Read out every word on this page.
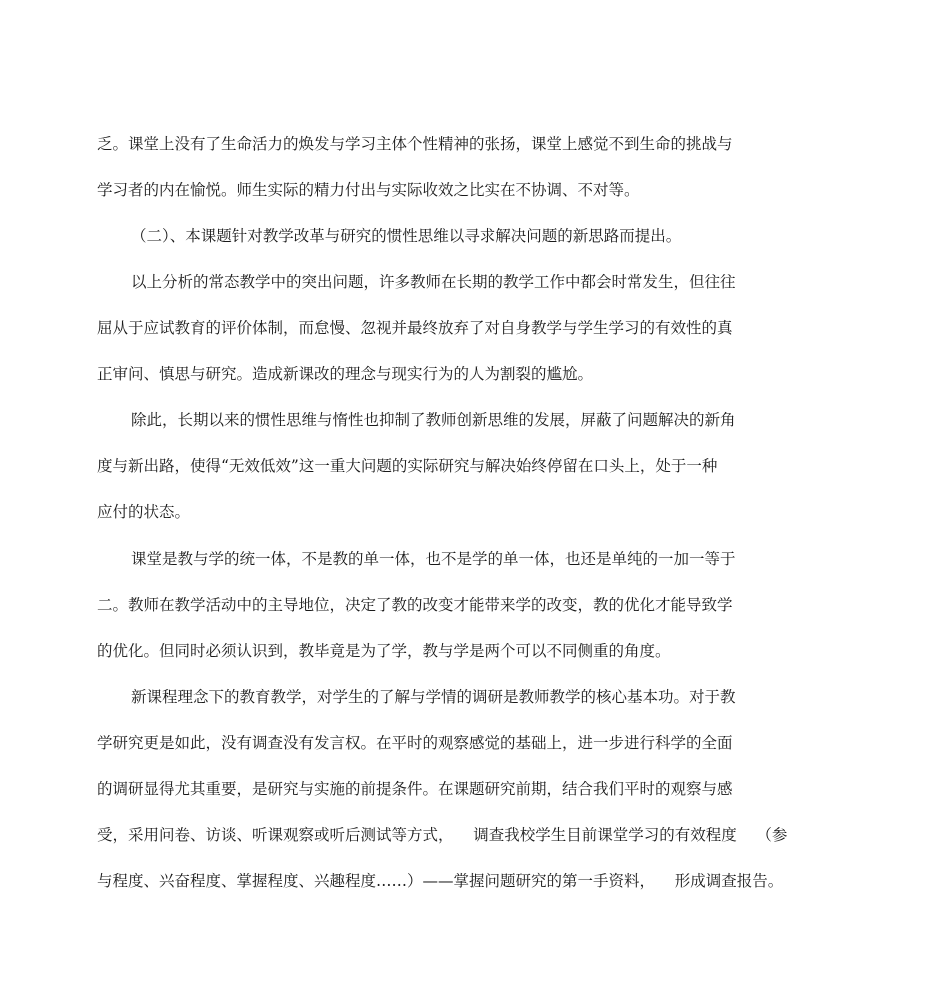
乏。课堂上没有了生命活力的焕发与学习主体个性精神的张扬，课堂上感觉不到生命的挑战与
学习者的内在愉悦。师生实际的精力付出与实际收效之比实在不协调、不对等。
（二）、本课题针对教学改革与研究的惯性思维以寻求解决问题的新思路而提出。
以上分析的常态教学中的突出问题，许多教师在长期的教学工作中都会时常发生，但往往
屈从于应试教育的评价体制，而怠慢、忽视并最终放弃了对自身教学与学生学习的有效性的真
正审问、慎思与研究。造成新课改的理念与现实行为的人为割裂的尴尬。
除此，长期以来的惯性思维与惰性也抑制了教师创新思维的发展，屏蔽了问题解决的新角
度与新出路，使得“无效低效”这一重大问题的实际研究与解决始终停留在口头上，处于一种
应付的状态。
课堂是教与学的统一体，不是教的单一体，也不是学的单一体，也还是单纯的一加一等于
二。教师在教学活动中的主导地位，决定了教的改变才能带来学的改变，教的优化才能导致学
的优化。但同时必须认识到，教毕竟是为了学，教与学是两个可以不同侧重的角度。
新课程理念下的教育教学，对学生的了解与学情的调研是教师教学的核心基本功。对于教
学研究更是如此，没有调查没有发言权。在平时的观察感觉的基础上，进一步进行科学的全面
的调研显得尤其重要，是研究与实施的前提条件。在课题研究前期，结合我们平时的观察与感
受，采用问卷、访谈、听课观察或听后测试等方式，    调查我校学生目前课堂学习的有效程度    （参
与程度、兴奋程度、掌握程度、兴趣程度……）——掌握问题研究的第一手资料，    形成调查报告。
